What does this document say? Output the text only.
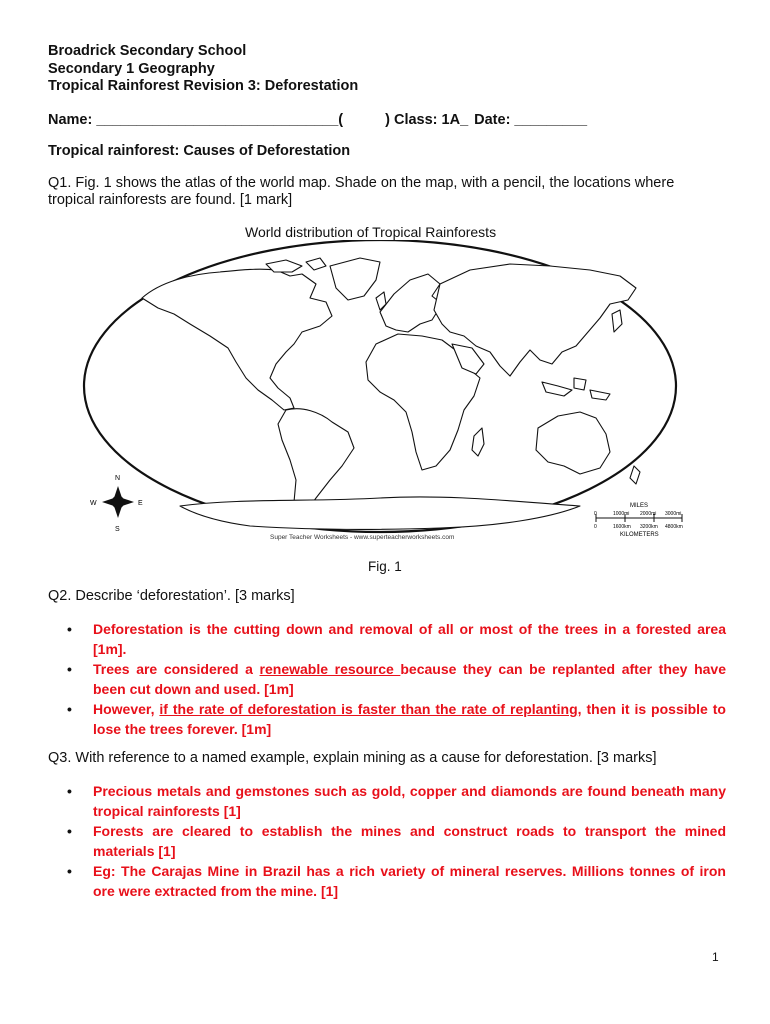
Broadrick Secondary School
Secondary 1 Geography
Tropical Rainforest Revision 3: Deforestation
Name: ______________________________(	) Class: 1A_ Date: _________
Tropical rainforest: Causes of Deforestation
Q1. Fig. 1 shows the atlas of the world map. Shade on the map, with a pencil, the locations where
tropical rainforests are found. [1 mark]
World distribution of Tropical Rainforests
N
S
E
W	MILES
0	1000mi 2000mi 3000mi
0	1600km 3200km 4800km
KILOMETERS
Super Teacher Worksheets - www.superteacherworksheets.com
Fig. 1
Q2. Describe ‘deforestation’. [3 marks]
• Deforestation is the cutting down and removal of all or most of the trees in a forested area [1m].
• Trees are considered a renewable resource because they can be replanted after they have been cut down and used. [1m]
• However, if the rate of deforestation is faster than the rate of replanting, then it is possible to lose the trees forever. [1m]
Q3. With reference to a named example, explain mining as a cause for deforestation. [3 marks]
• Precious metals and gemstones such as gold, copper and diamonds are found beneath many tropical rainforests [1]
• Forests are cleared to establish the mines and construct roads to transport the mined materials [1]
• Eg: The Carajas Mine in Brazil has a rich variety of mineral reserves. Millions tonnes of iron ore were extracted from the mine. [1]
1
